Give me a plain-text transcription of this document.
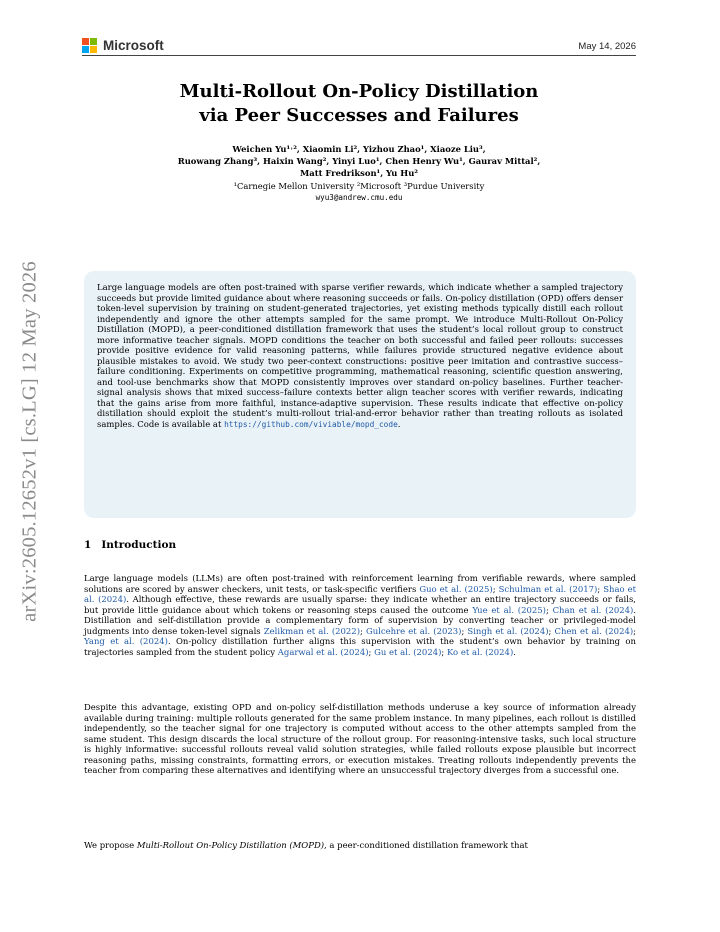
Microsoft	May 14, 2026
Multi-Rollout On-Policy Distillation
via Peer Successes and Failures
Weichen Yu¹˒², Xiaomin Li², Yizhou Zhao¹, Xiaoze Liu³,
Ruowang Zhang³, Haixin Wang², Yinyi Luo¹, Chen Henry Wu¹, Gaurav Mittal²,
Matt Fredrikson¹, Yu Hu²
¹Carnegie Mellon University ²Microsoft ³Purdue University
wyu3@andrew.cmu.edu
arXiv:2605.12652v1 [cs.LG] 12 May 2026	Large language models are often post-trained with sparse verifier rewards, which indicate whether a sampled trajectory succeeds but provide limited guidance about where reasoning succeeds or fails. On-policy distillation (OPD) offers denser token-level supervision by training on student-generated trajectories, yet existing methods typically distill each rollout independently and ignore the other attempts sampled for the same prompt. We introduce Multi-Rollout On-Policy Distillation (MOPD), a peer-conditioned distillation framework that uses the student’s local rollout group to construct more informative teacher signals. MOPD conditions the teacher on both successful and failed peer rollouts: successes provide positive evidence for valid reasoning patterns, while failures provide structured negative evidence about plausible mistakes to avoid. We study two peer-context constructions: positive peer imitation and contrastive success–failure conditioning. Experiments on competitive programming, mathematical reasoning, scientific question answering, and tool-use benchmarks show that MOPD consistently improves over standard on-policy baselines. Further teacher-signal analysis shows that mixed success–failure contexts better align teacher scores with verifier rewards, indicating that the gains arise from more faithful, instance-adaptive supervision. These results indicate that effective on-policy distillation should exploit the student’s multi-rollout trial-and-error behavior rather than treating rollouts as isolated samples. Code is available at https://github.com/viviable/mopd_code.
1 Introduction
Large language models (LLMs) are often post-trained with reinforcement learning from verifiable rewards, where sampled solutions are scored by answer checkers, unit tests, or task-specific verifiers Guo et al. (2025); Schulman et al. (2017); Shao et al. (2024). Although effective, these rewards are usually sparse: they indicate whether an entire trajectory succeeds or fails, but provide little guidance about which tokens or reasoning steps caused the outcome Yue et al. (2025); Chan et al. (2024). Distillation and self-distillation provide a complementary form of supervision by converting teacher or privileged-model judgments into dense token-level signals Zelikman et al. (2022); Gulcehre et al. (2023); Singh et al. (2024); Chen et al. (2024); Yang et al. (2024). On-policy distillation further aligns this supervision with the student’s own behavior by training on trajectories sampled from the student policy Agarwal et al. (2024); Gu et al. (2024); Ko et al. (2024).
Despite this advantage, existing OPD and on-policy self-distillation methods underuse a key source of information already available during training: multiple rollouts generated for the same problem instance. In many pipelines, each rollout is distilled independently, so the teacher signal for one trajectory is computed without access to the other attempts sampled from the same student. This design discards the local structure of the rollout group. For reasoning-intensive tasks, such local structure is highly informative: successful rollouts reveal valid solution strategies, while failed rollouts expose plausible but incorrect reasoning paths, missing constraints, formatting errors, or execution mistakes. Treating rollouts independently prevents the teacher from comparing these alternatives and identifying where an unsuccessful trajectory diverges from a successful one.
We propose Multi-Rollout On-Policy Distillation (MOPD), a peer-conditioned distillation framework that
